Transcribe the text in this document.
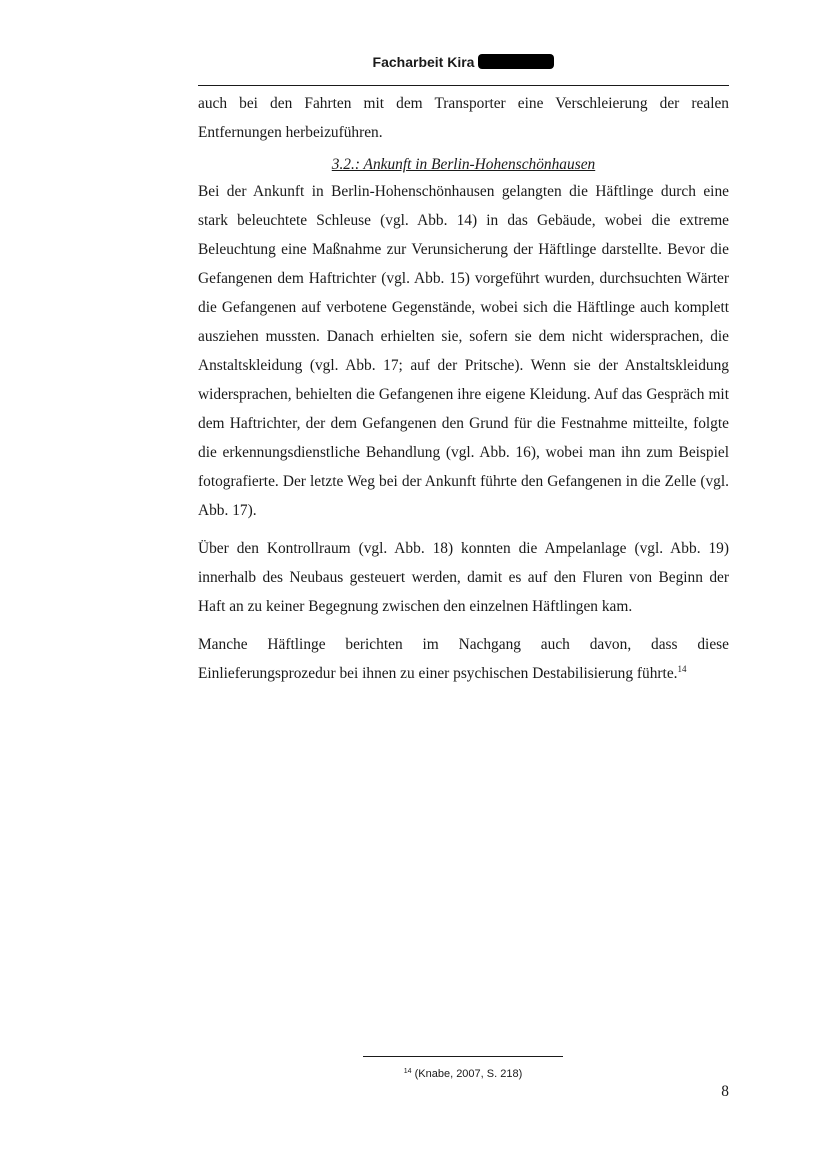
Facharbeit Kira

auch bei den Fahrten mit dem Transporter eine Verschleierung der realen Entfernungen herbeizuführen.

3.2.: Ankunft in Berlin-Hohenschönhausen

Bei der Ankunft in Berlin-Hohenschönhausen gelangten die Häftlinge durch eine stark beleuchtete Schleuse (vgl. Abb. 14) in das Gebäude, wobei die extreme Beleuchtung eine Maßnahme zur Verunsicherung der Häftlinge darstellte. Bevor die Gefangenen dem Haftrichter (vgl. Abb. 15) vorgeführt wurden, durchsuchten Wärter die Gefangenen auf verbotene Gegenstände, wobei sich die Häftlinge auch komplett ausziehen mussten. Danach erhielten sie, sofern sie dem nicht widersprachen, die Anstaltskleidung (vgl. Abb. 17; auf der Pritsche). Wenn sie der Anstaltskleidung widersprachen, behielten die Gefangenen ihre eigene Kleidung. Auf das Gespräch mit dem Haftrichter, der dem Gefangenen den Grund für die Festnahme mitteilte, folgte die erkennungsdienstliche Behandlung (vgl. Abb. 16), wobei man ihn zum Beispiel fotografierte. Der letzte Weg bei der Ankunft führte den Gefangenen in die Zelle (vgl. Abb. 17).

Über den Kontrollraum (vgl. Abb. 18) konnten die Ampelanlage (vgl. Abb. 19) innerhalb des Neubaus gesteuert werden, damit es auf den Fluren von Beginn der Haft an zu keiner Begegnung zwischen den einzelnen Häftlingen kam.

Manche Häftlinge berichten im Nachgang auch davon, dass diese Einlieferungsprozedur bei ihnen zu einer psychischen Destabilisierung führte.$^{14}$

$^{14}$ (Knabe, 2007, S. 218)
8
